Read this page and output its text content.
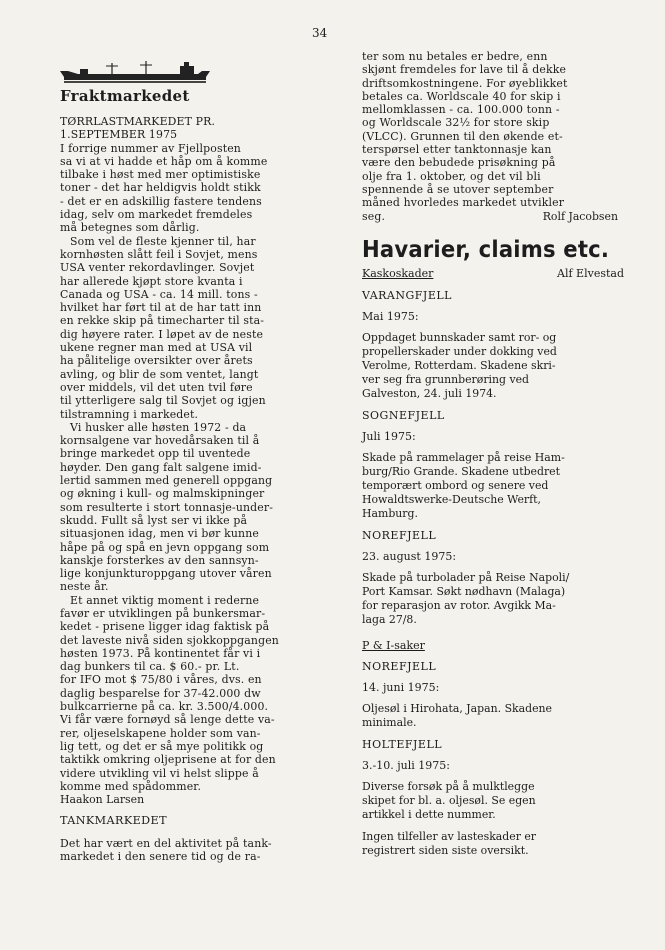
34
Fraktmarkedet
TØRRLASTMARKEDET PR.
1.SEPTEMBER 1975
I forrige nummer av Fjellposten
sa vi at vi hadde et håp om å komme
tilbake i høst med mer optimistiske
toner - det har heldigvis holdt stikk
- det er en adskillig fastere tendens
idag, selv om markedet fremdeles
må betegnes som dårlig.
Som vel de fleste kjenner til, har
kornhøsten slått feil i Sovjet, mens
USA venter rekordavlinger. Sovjet
har allerede kjøpt store kvanta i
Canada og USA - ca. 14 mill. tons -
hvilket har ført til at de har tatt inn
en rekke skip på timecharter til sta-
dig høyere rater. I løpet av de neste
ukene regner man med at USA vil
ha pålitelige oversikter over årets
avling, og blir de som ventet, langt
over middels, vil det uten tvil føre
til ytterligere salg til Sovjet og igjen
tilstramning i markedet.
Vi husker alle høsten 1972 - da
kornsalgene var hovedårsaken til å
bringe markedet opp til uventede
høyder. Den gang falt salgene imid-
lertid sammen med generell oppgang
og økning i kull- og malmskipninger
som resulterte i stort tonnasje-under-
skudd. Fullt så lyst ser vi ikke på
situasjonen idag, men vi bør kunne
håpe på og spå en jevn oppgang som
kanskje forsterkes av den sannsyn-
lige konjunkturoppgang utover våren
neste år.
Et annet viktig moment i rederne
favør er utviklingen på bunkersmar-
kedet - prisene ligger idag faktisk på
det laveste nivå siden sjokkoppgangen
høsten 1973. På kontinentet får vi i
dag bunkers til ca. $ 60.- pr. Lt.
for IFO mot $ 75/80 i våres, dvs. en
daglig besparelse for 37-42.000 dw
bulkcarrierne på ca. kr. 3.500/4.000.
Vi får være fornøyd så lenge dette va-
rer, oljeselskapene holder som van-
lig tett, og det er så mye politikk og
taktikk omkring oljeprisene at for den
videre utvikling vil vi helst slippe å
komme med spådommer.
Haakon Larsen
TANKMARKEDET
Det har vært en del aktivitet på tank-
markedet i den senere tid og de ra-
ter som nu betales er bedre, enn
skjønt fremdeles for lave til å dekke
driftsomkostningene. For øyeblikket
betales ca. Worldscale 40 for skip i
mellomklassen - ca. 100.000 tonn -
og Worldscale 32½ for store skip
(VLCC). Grunnen til den økende et-
terspørsel etter tanktonnasje kan
være den bebudede prisøkning på
olje fra 1. oktober, og det vil bli
spennende å se utover september
måned hvorledes markedet utvikler
seg.	Rolf Jacobsen
Havarier, claims etc.
Kaskoskader	Alf Elvestad
VARANGFJELL
Mai 1975:
Oppdaget bunnskader samt ror- og
propellerskader under dokking ved
Verolme, Rotterdam. Skadene skri-
ver seg fra grunnberøring ved
Galveston, 24. juli 1974.
SOGNEFJELL
Juli 1975:
Skade på rammelager på reise Ham-
burg/Rio Grande. Skadene utbedret
temporært ombord og senere ved
Howaldtswerke-Deutsche Werft,
Hamburg.
NOREFJELL
23. august 1975:
Skade på turbolader på Reise Napoli/
Port Kamsar. Søkt nødhavn (Malaga)
for reparasjon av rotor. Avgikk Ma-
laga 27/8.
P & I-saker
NOREFJELL
14. juni 1975:
Oljesøl i Hirohata, Japan. Skadene
minimale.
HOLTEFJELL
3.-10. juli 1975:
Diverse forsøk på å mulktlegge
skipet for bl. a. oljesøl. Se egen
artikkel i dette nummer.
Ingen tilfeller av lasteskader er
registrert siden siste oversikt.
